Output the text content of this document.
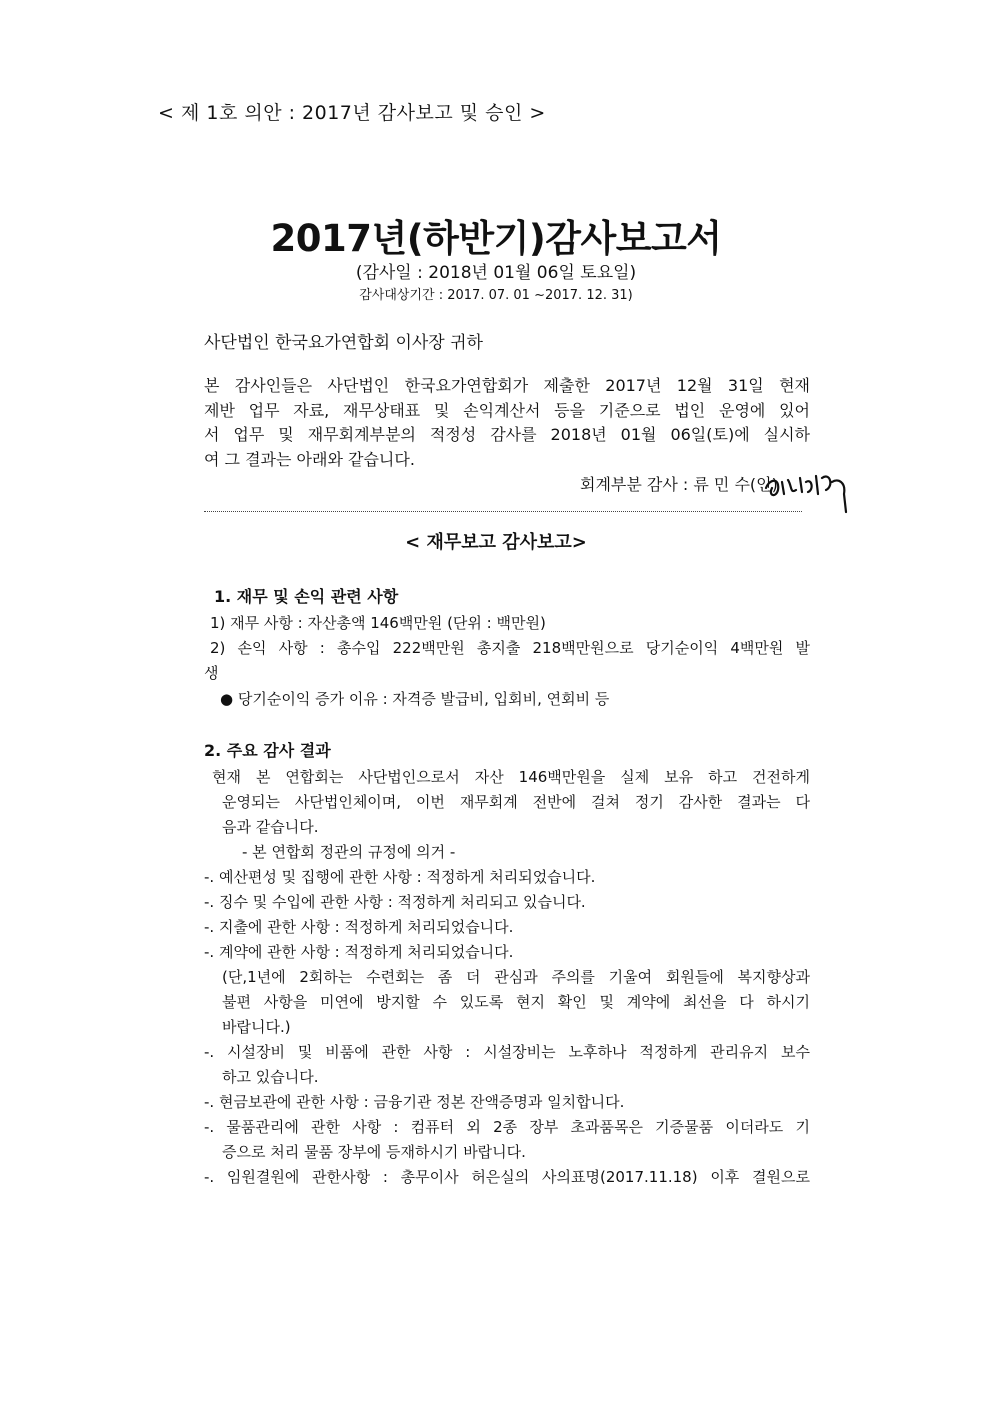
< 제 1호 의안 : 2017년 감사보고 및 승인 >
2017년(하반기)감사보고서
(감사일 : 2018년 01월 06일 토요일)
감사대상기간 : 2017. 07. 01 ~2017. 12. 31)
사단법인 한국요가연합회 이사장 귀하
본 감사인들은 사단법인 한국요가연합회가 제출한 2017년 12월 31일 현재
제반 업무 자료, 재무상태표 및 손익계산서 등을 기준으로 법인 운영에 있어
서 업무 및 재무회계부분의 적정성 감사를 2018년 01월 06일(토)에 실시하
여 그 결과는 아래와 같습니다.
회계부분 감사 : 류 민 수(인)
< 재무보고 감사보고>
1. 재무 및 손익 관련 사항
1) 재무 사항 : 자산총액 146백만원 (단위 : 백만원)
2) 손익 사항 : 총수입 222백만원 총지출 218백만원으로 당기순이익 4백만원 발
생
● 당기순이익 증가 이유 : 자격증 발급비, 입회비, 연회비 등
2. 주요 감사 결과
현재 본 연합회는 사단법인으로서 자산 146백만원을 실제 보유 하고 건전하게
운영되는 사단법인체이며, 이번 재무회계 전반에 걸쳐 정기 감사한 결과는 다
음과 같습니다.
- 본 연합회 정관의 규정에 의거 -
-. 예산편성 및 집행에 관한 사항 : 적정하게 처리되었습니다.
-. 징수 및 수입에 관한 사항 : 적정하게 처리되고 있습니다.
-. 지출에 관한 사항 : 적정하게 처리되었습니다.
-. 계약에 관한 사항 : 적정하게 처리되었습니다.
(단,1년에 2회하는 수련회는 좀 더 관심과 주의를 기울여 회원들에 복지향상과
불편 사항을 미연에 방지할 수 있도록 현지 확인 및 계약에 최선을 다 하시기
바랍니다.)
-. 시설장비 및 비품에 관한 사항 : 시설장비는 노후하나 적정하게 관리유지 보수
하고 있습니다.
-. 현금보관에 관한 사항 : 금융기관 정본 잔액증명과 일치합니다.
-. 물품관리에 관한 사항 : 컴퓨터 외 2종 장부 초과품목은 기증물품 이더라도 기
증으로 처리 물품 장부에 등재하시기 바랍니다.
-. 임원결원에 관한사항 : 총무이사 허은실의 사의표명(2017.11.18) 이후 결원으로
